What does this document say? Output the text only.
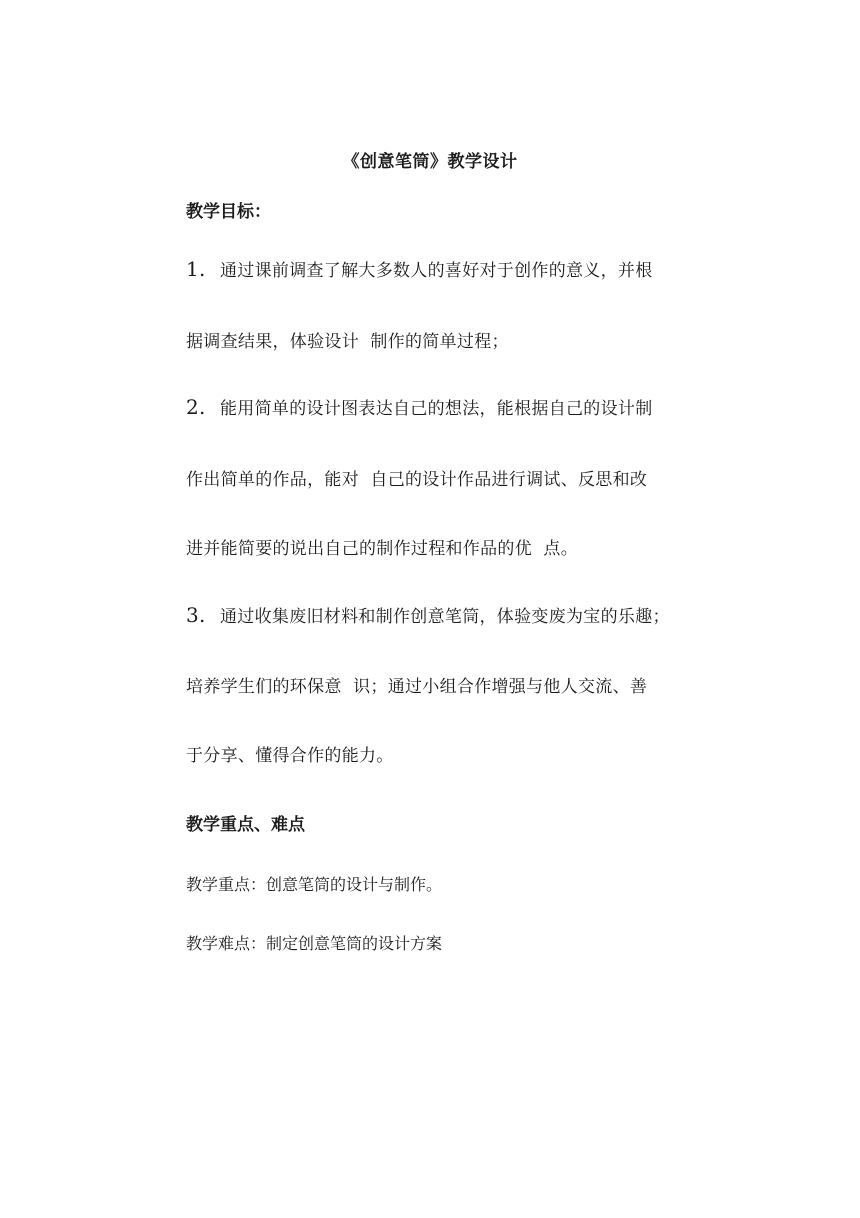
《创意笔筒》教学设计
教学目标：
1. 通过课前调查了解大多数人的喜好对于创作的意义，并根
据调查结果，体验设计  制作的简单过程；
2. 能用简单的设计图表达自己的想法，能根据自己的设计制
作出简单的作品，能对  自己的设计作品进行调试、反思和改
进并能简要的说出自己的制作过程和作品的优  点。
3. 通过收集废旧材料和制作创意笔筒，体验变废为宝的乐趣；
培养学生们的环保意  识；通过小组合作增强与他人交流、善
于分享、懂得合作的能力。
教学重点、难点
教学重点：创意笔筒的设计与制作。
教学难点：制定创意笔筒的设计方案
